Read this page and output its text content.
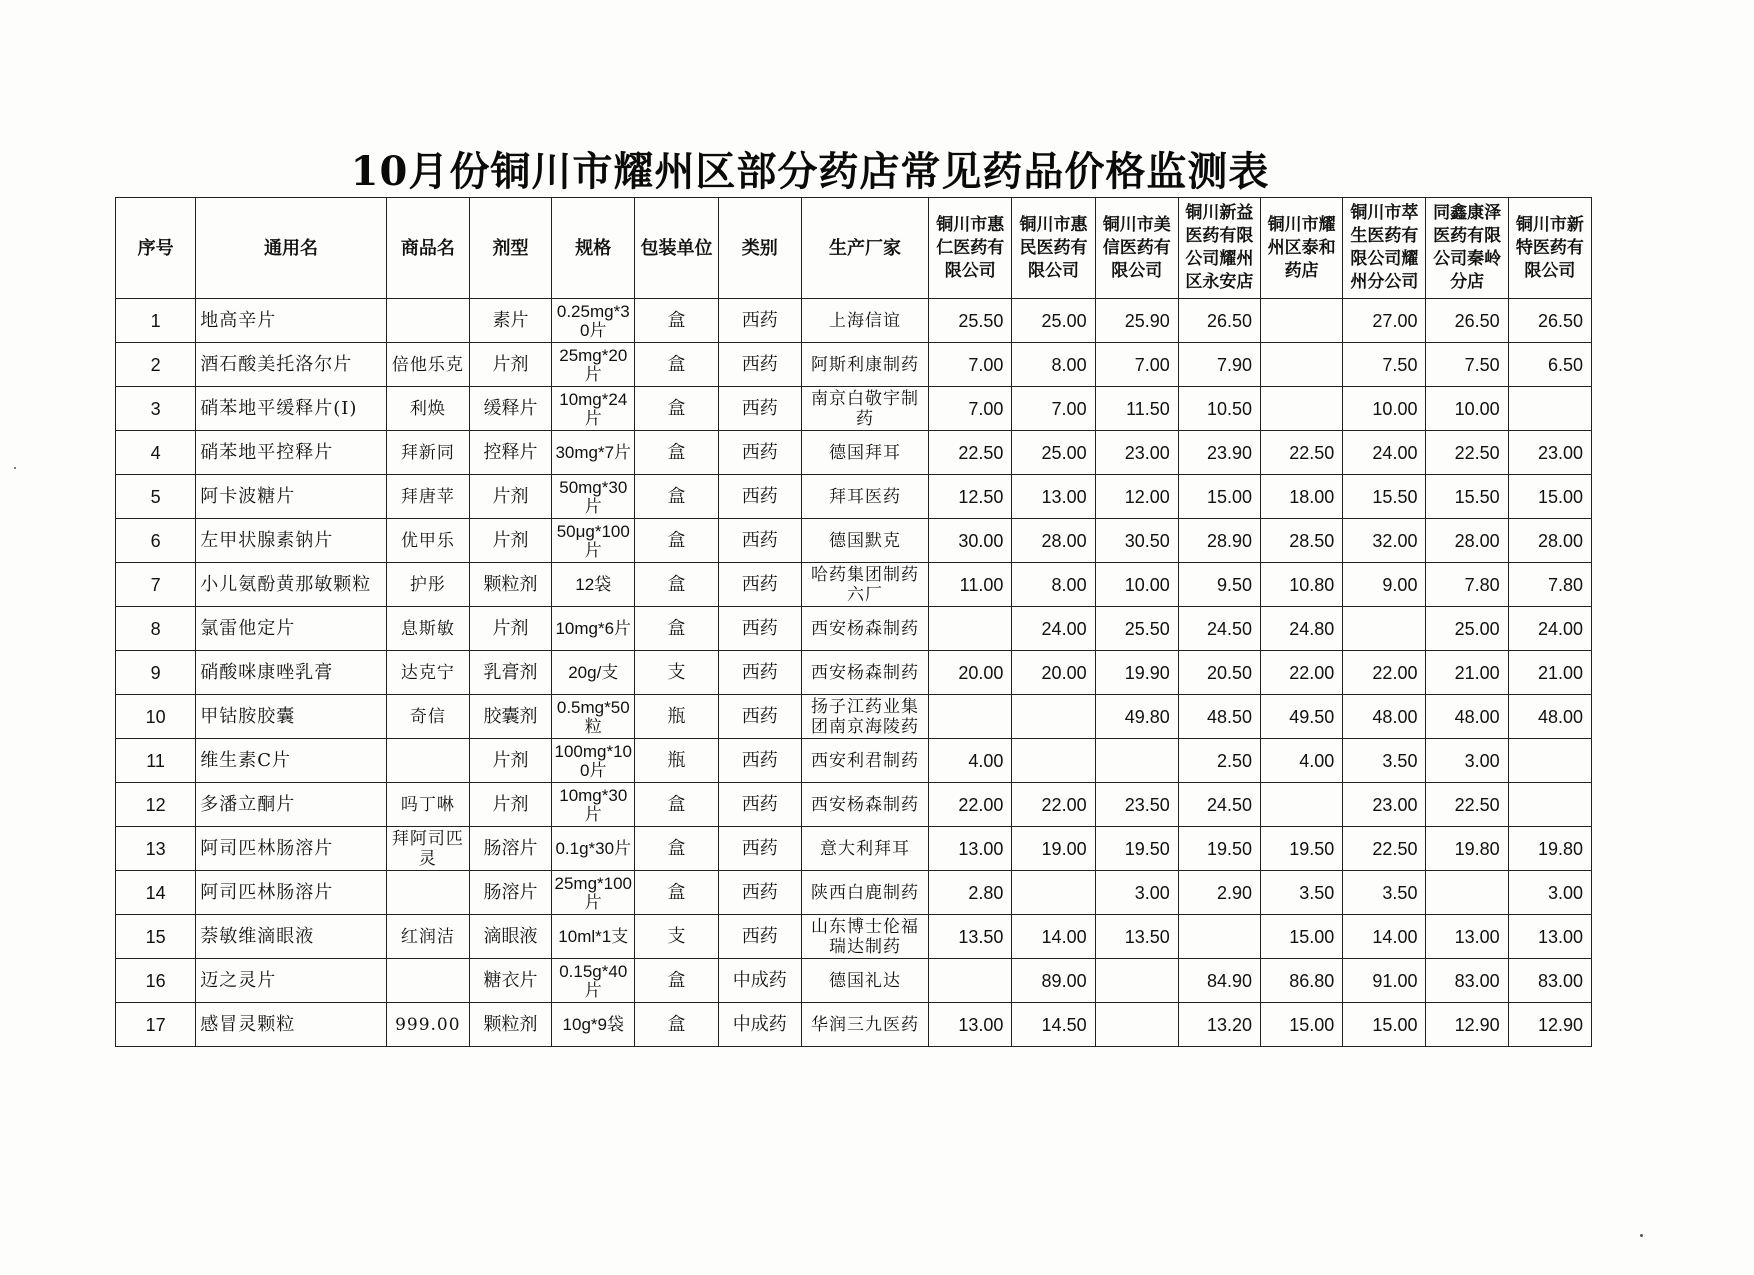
10月份铜川市耀州区部分药店常见药品价格监测表
序号	通用名	商品名	剂型	规格	包装单位	类别	生产厂家	铜川市惠仁医药有限公司	铜川市惠民医药有限公司	铜川市美信医药有限公司	铜川新益医药有限公司耀州区永安店	铜川市耀州区泰和药店	铜川市萃生医药有限公司耀州分公司	同鑫康泽医药有限公司秦岭分店	铜川市新特医药有限公司
1	地高辛片		素片	0.25mg*30片	盒	西药	上海信谊	25.50	25.00	25.90	26.50		27.00	26.50	26.50
2	酒石酸美托洛尔片	倍他乐克	片剂	25mg*20片	盒	西药	阿斯利康制药	7.00	8.00	7.00	7.90		7.50	7.50	6.50
3	硝苯地平缓释片(Ⅰ)	利焕	缓释片	10mg*24片	盒	西药	南京白敬宇制药	7.00	7.00	11.50	10.50		10.00	10.00	
4	硝苯地平控释片	拜新同	控释片	30mg*7片	盒	西药	德国拜耳	22.50	25.00	23.00	23.90	22.50	24.00	22.50	23.00
5	阿卡波糖片	拜唐苹	片剂	50mg*30片	盒	西药	拜耳医药	12.50	13.00	12.00	15.00	18.00	15.50	15.50	15.00
6	左甲状腺素钠片	优甲乐	片剂	50μg*100片	盒	西药	德国默克	30.00	28.00	30.50	28.90	28.50	32.00	28.00	28.00
7	小儿氨酚黄那敏颗粒	护彤	颗粒剂	12袋	盒	西药	哈药集团制药六厂	11.00	8.00	10.00	9.50	10.80	9.00	7.80	7.80
8	氯雷他定片	息斯敏	片剂	10mg*6片	盒	西药	西安杨森制药		24.00	25.50	24.50	24.80		25.00	24.00
9	硝酸咪康唑乳膏	达克宁	乳膏剂	20g/支	支	西药	西安杨森制药	20.00	20.00	19.90	20.50	22.00	22.00	21.00	21.00
10	甲钴胺胶囊	奇信	胶囊剂	0.5mg*50粒	瓶	西药	扬子江药业集团南京海陵药			49.80	48.50	49.50	48.00	48.00	48.00
11	维生素C片		片剂	100mg*100片	瓶	西药	西安利君制药	4.00			2.50	4.00	3.50	3.00	
12	多潘立酮片	吗丁啉	片剂	10mg*30片	盒	西药	西安杨森制药	22.00	22.00	23.50	24.50		23.00	22.50	
13	阿司匹林肠溶片	拜阿司匹灵	肠溶片	0.1g*30片	盒	西药	意大利拜耳	13.00	19.00	19.50	19.50	19.50	22.50	19.80	19.80
14	阿司匹林肠溶片		肠溶片	25mg*100片	盒	西药	陕西白鹿制药	2.80		3.00	2.90	3.50	3.50		3.00
15	萘敏维滴眼液	红润洁	滴眼液	10ml*1支	支	西药	山东博士伦福瑞达制药	13.50	14.00	13.50		15.00	14.00	13.00	13.00
16	迈之灵片		糖衣片	0.15g*40片	盒	中成药	德国礼达		89.00		84.90	86.80	91.00	83.00	83.00
17	感冒灵颗粒	999.00	颗粒剂	10g*9袋	盒	中成药	华润三九医药	13.00	14.50		13.20	15.00	15.00	12.90	12.90
